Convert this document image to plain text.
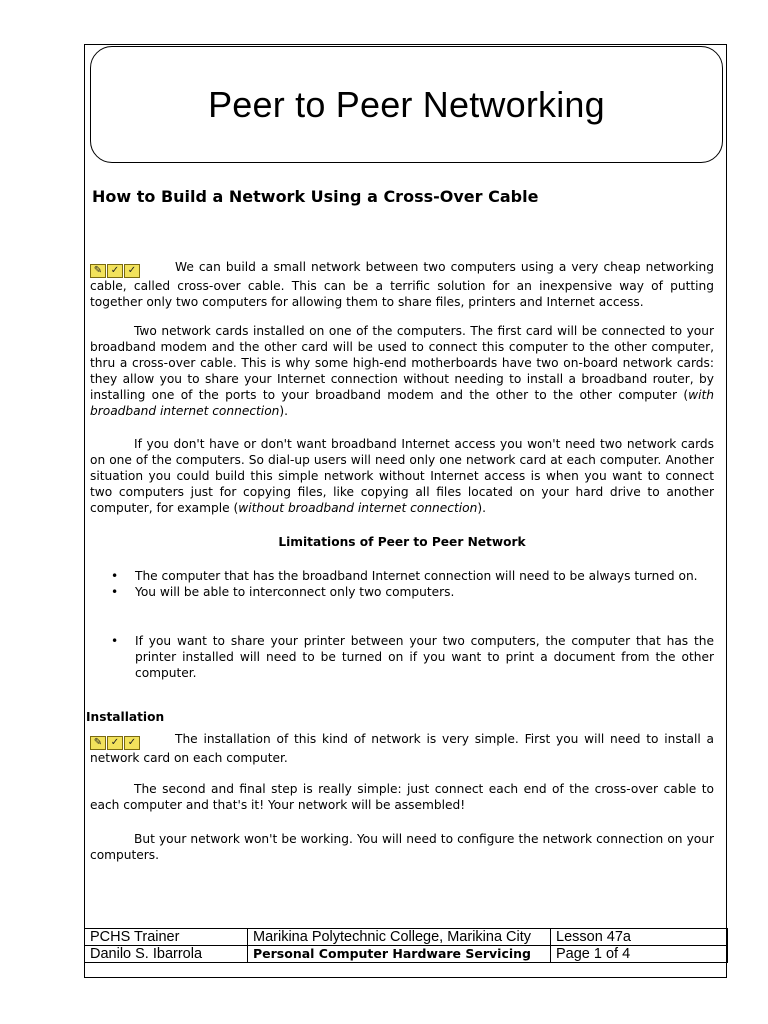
Peer to Peer Networking
How to Build a Network Using a Cross-Over Cable

✎ ✓ ✓	We can build a small network between two computers using a very cheap networking cable, called cross-over cable. This can be a terrific solution for an inexpensive way of putting together only two computers for allowing them to share files, printers and Internet access.

Two network cards installed on one of the computers. The first card will be connected to your broadband modem and the other card will be used to connect this computer to the other computer, thru a cross-over cable. This is why some high-end motherboards have two on-board network cards: they allow you to share your Internet connection without needing to install a broadband router, by installing one of the ports to your broadband modem and the other to the other computer (with broadband internet connection).

If you don't have or don't want broadband Internet access you won't need two network cards on one of the computers. So dial-up users will need only one network card at each computer. Another situation you could build this simple network without Internet access is when you want to connect two computers just for copying files, like copying all files located on your hard drive to another computer, for example (without broadband internet connection).

Limitations of Peer to Peer Network

• The computer that has the broadband Internet connection will need to be always turned on.
• You will be able to interconnect only two computers.
• If you want to share your printer between your two computers, the computer that has the printer installed will need to be turned on if you want to print a document from the other computer.

Installation

✎ ✓ ✓	The installation of this kind of network is very simple. First you will need to install a network card on each computer.

The second and final step is really simple: just connect each end of the cross-over cable to each computer and that's it! Your network will be assembled!

But your network won't be working. You will need to configure the network connection on your computers.

PCHS Trainer	Marikina Polytechnic College, Marikina City	Lesson 47a
Danilo S. Ibarrola	Personal Computer Hardware Servicing	Page 1 of 4
